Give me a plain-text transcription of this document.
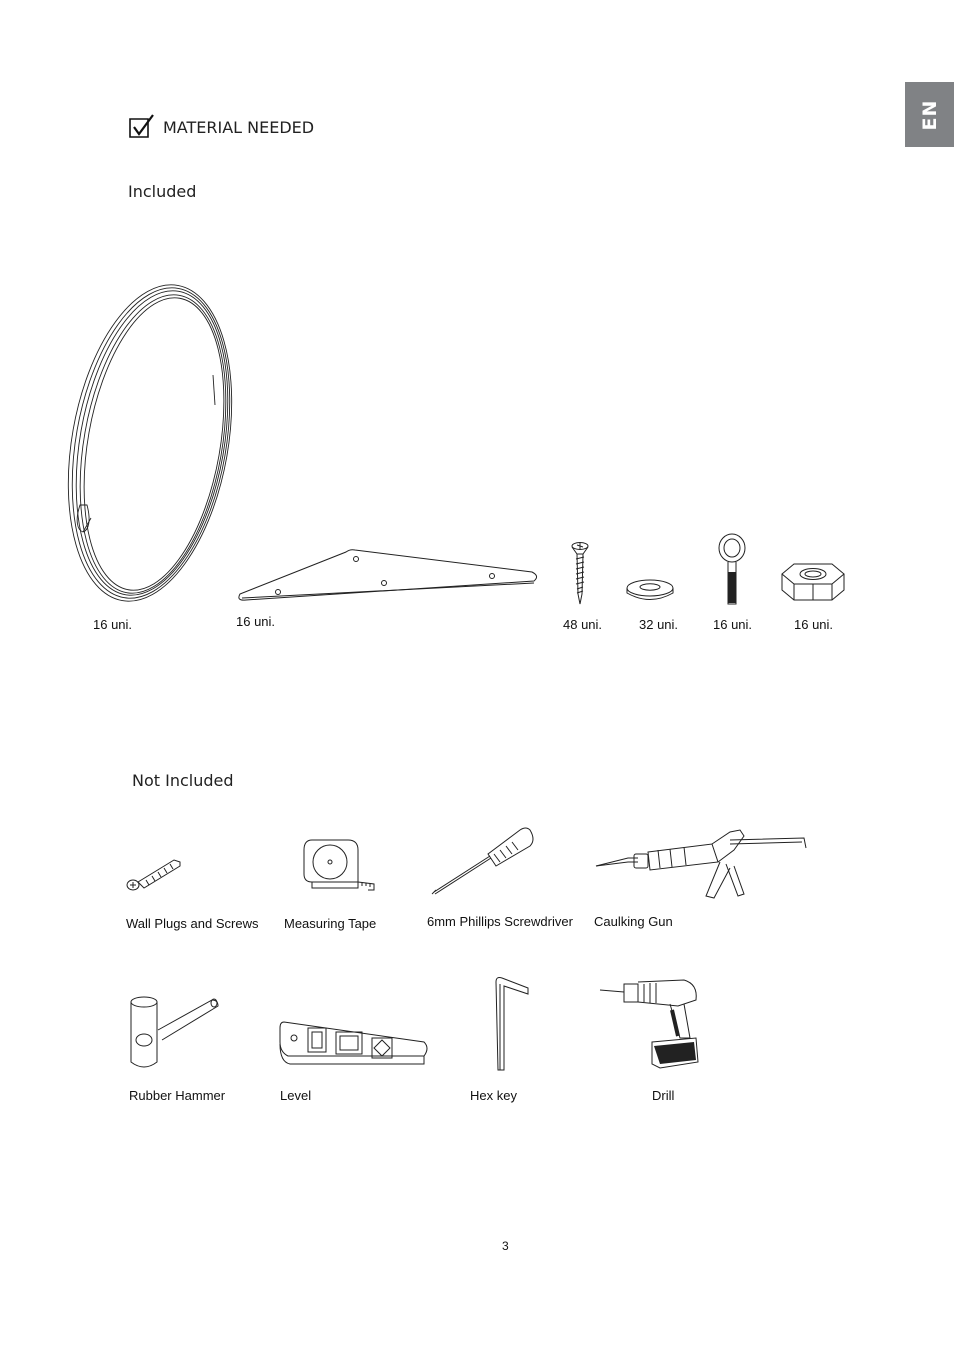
EN
MATERIAL NEEDED
Included
16 uni.	16 uni.	48 uni.	32 uni.	16 uni.	16 uni.
Not Included
Wall Plugs and Screws Measuring Tape	6mm Phillips Screwdriver Caulking Gun
Rubber Hammer	Level	Hex key	Drill
3
